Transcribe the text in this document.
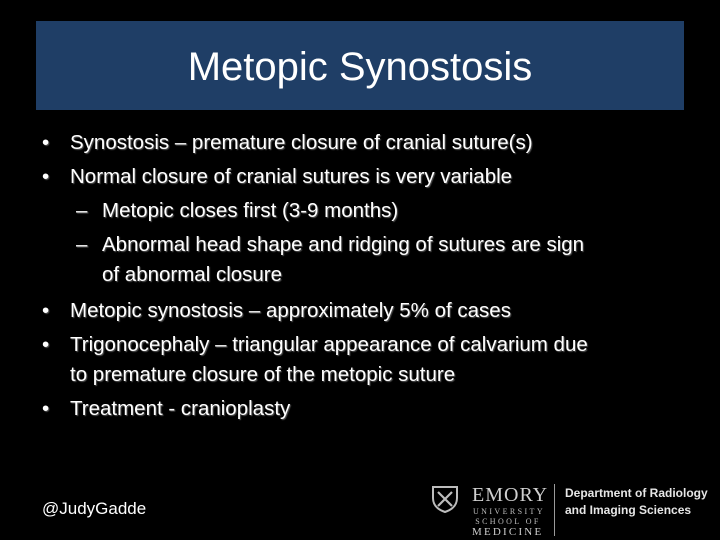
Metopic Synostosis
• Synostosis – premature closure of cranial suture(s)
• Normal closure of cranial sutures is very variable
– Metopic closes first (3-9 months)
– Abnormal head shape and ridging of sutures are sign
of abnormal closure
• Metopic synostosis – approximately 5% of cases
• Trigonocephaly – triangular appearance of calvarium due
to premature closure of the metopic suture
• Treatment - cranioplasty
@JudyGadde
EMORY
UNIVERSITY
SCHOOL OF
MEDICINE
Department of Radiology
and Imaging Sciences
